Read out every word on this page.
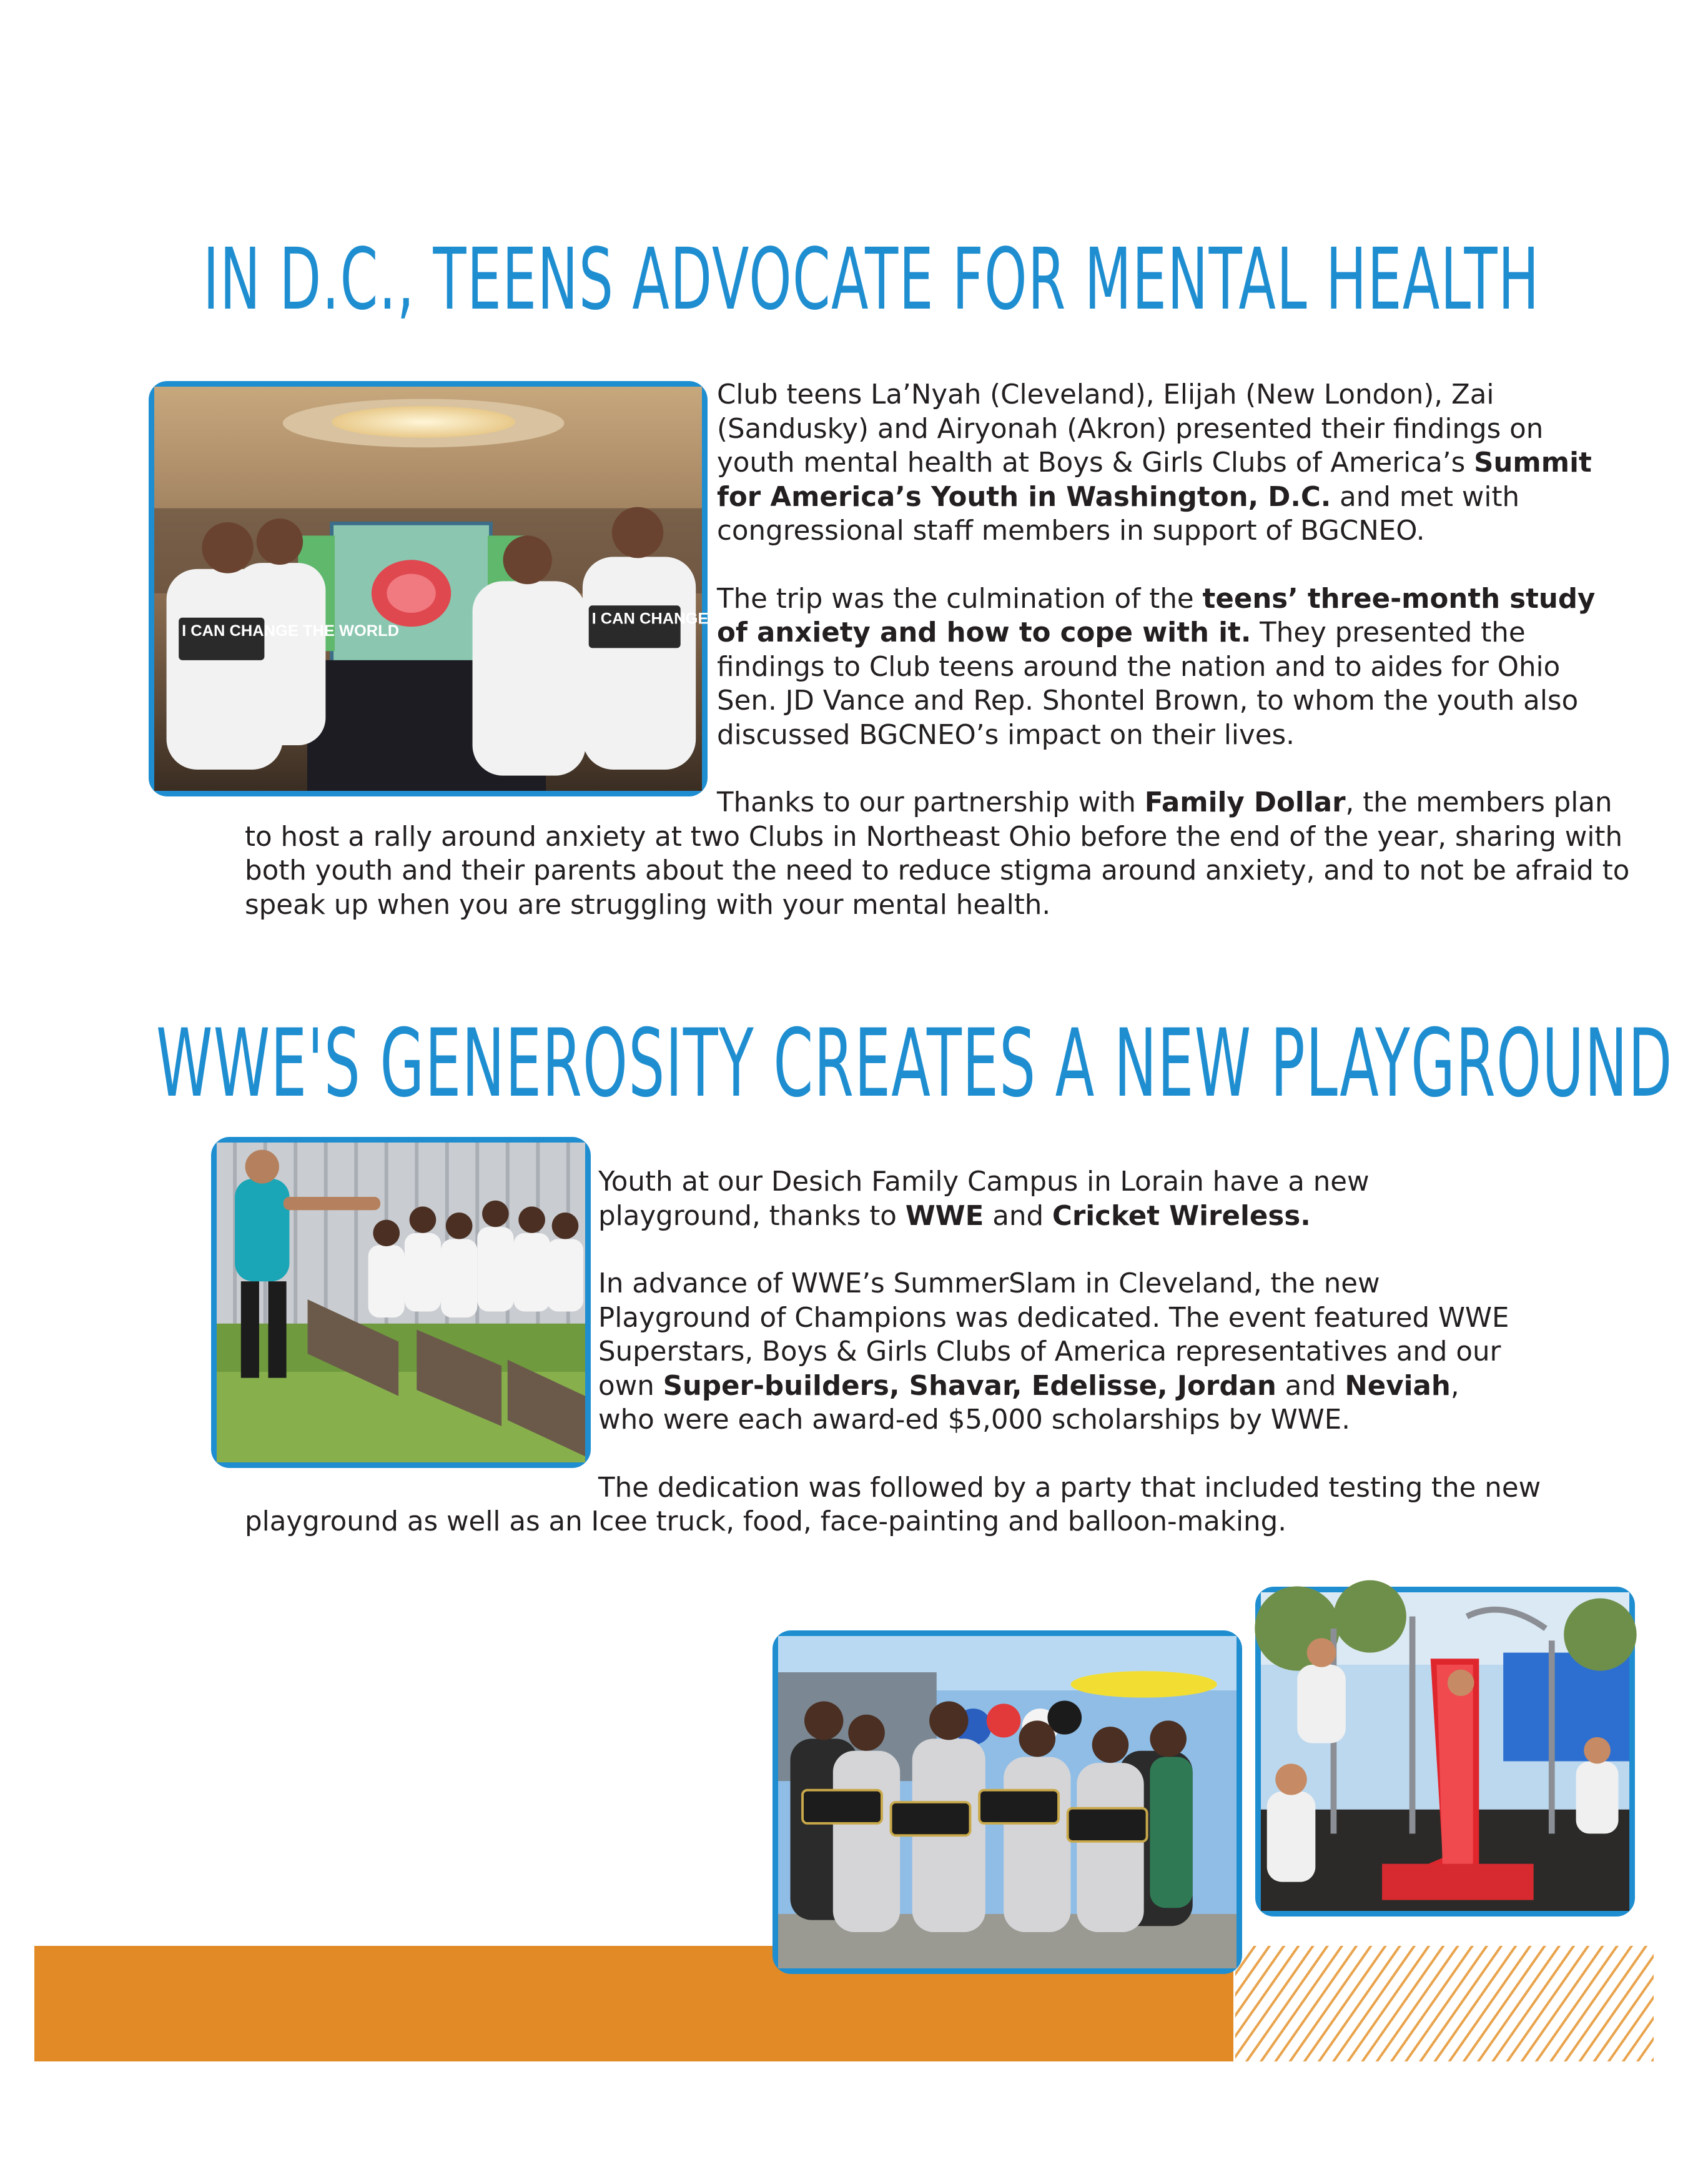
IN D.C., TEENS ADVOCATE FOR MENTAL HEALTH
I CAN CHANGE THE WORLD
I CAN CHANGE THE WORLD

Club teens La’Nyah (Cleveland), Elijah (New London), Zai (Sandusky) and Airyonah (Akron) presented their findings on youth mental health at Boys & Girls Clubs of America’s Summit for America’s Youth in Washington, D.C. and met with congressional staff members in support of BGCNEO.

The trip was the culmination of the teens’ three-month study of anxiety and how to cope with it. They presented the findings to Club teens around the nation and to aides for Ohio Sen. JD Vance and Rep. Shontel Brown, to whom the youth also discussed BGCNEO’s impact on their lives.

Thanks to our partnership with Family Dollar, the members plan to host a rally around anxiety at two Clubs in Northeast Ohio before the end of the year, sharing with both youth and their parents about the need to reduce stigma around anxiety, and to not be afraid to speak up when you are struggling with your mental health.

WWE'S GENEROSITY CREATES A NEW PLAYGROUND

Youth at our Desich Family Campus in Lorain have a new playground, thanks to WWE and Cricket Wireless.

In advance of WWE’s SummerSlam in Cleveland, the new Playground of Champions was dedicated. The event featured WWE Superstars, Boys & Girls Clubs of America representatives and our own Super-builders, Shavar, Edelisse, Jordan and Neviah, who were each award-ed $5,000 scholarships by WWE.

The dedication was followed by a party that included testing the new playground as well as an Icee truck, food, face-painting and balloon-making.
